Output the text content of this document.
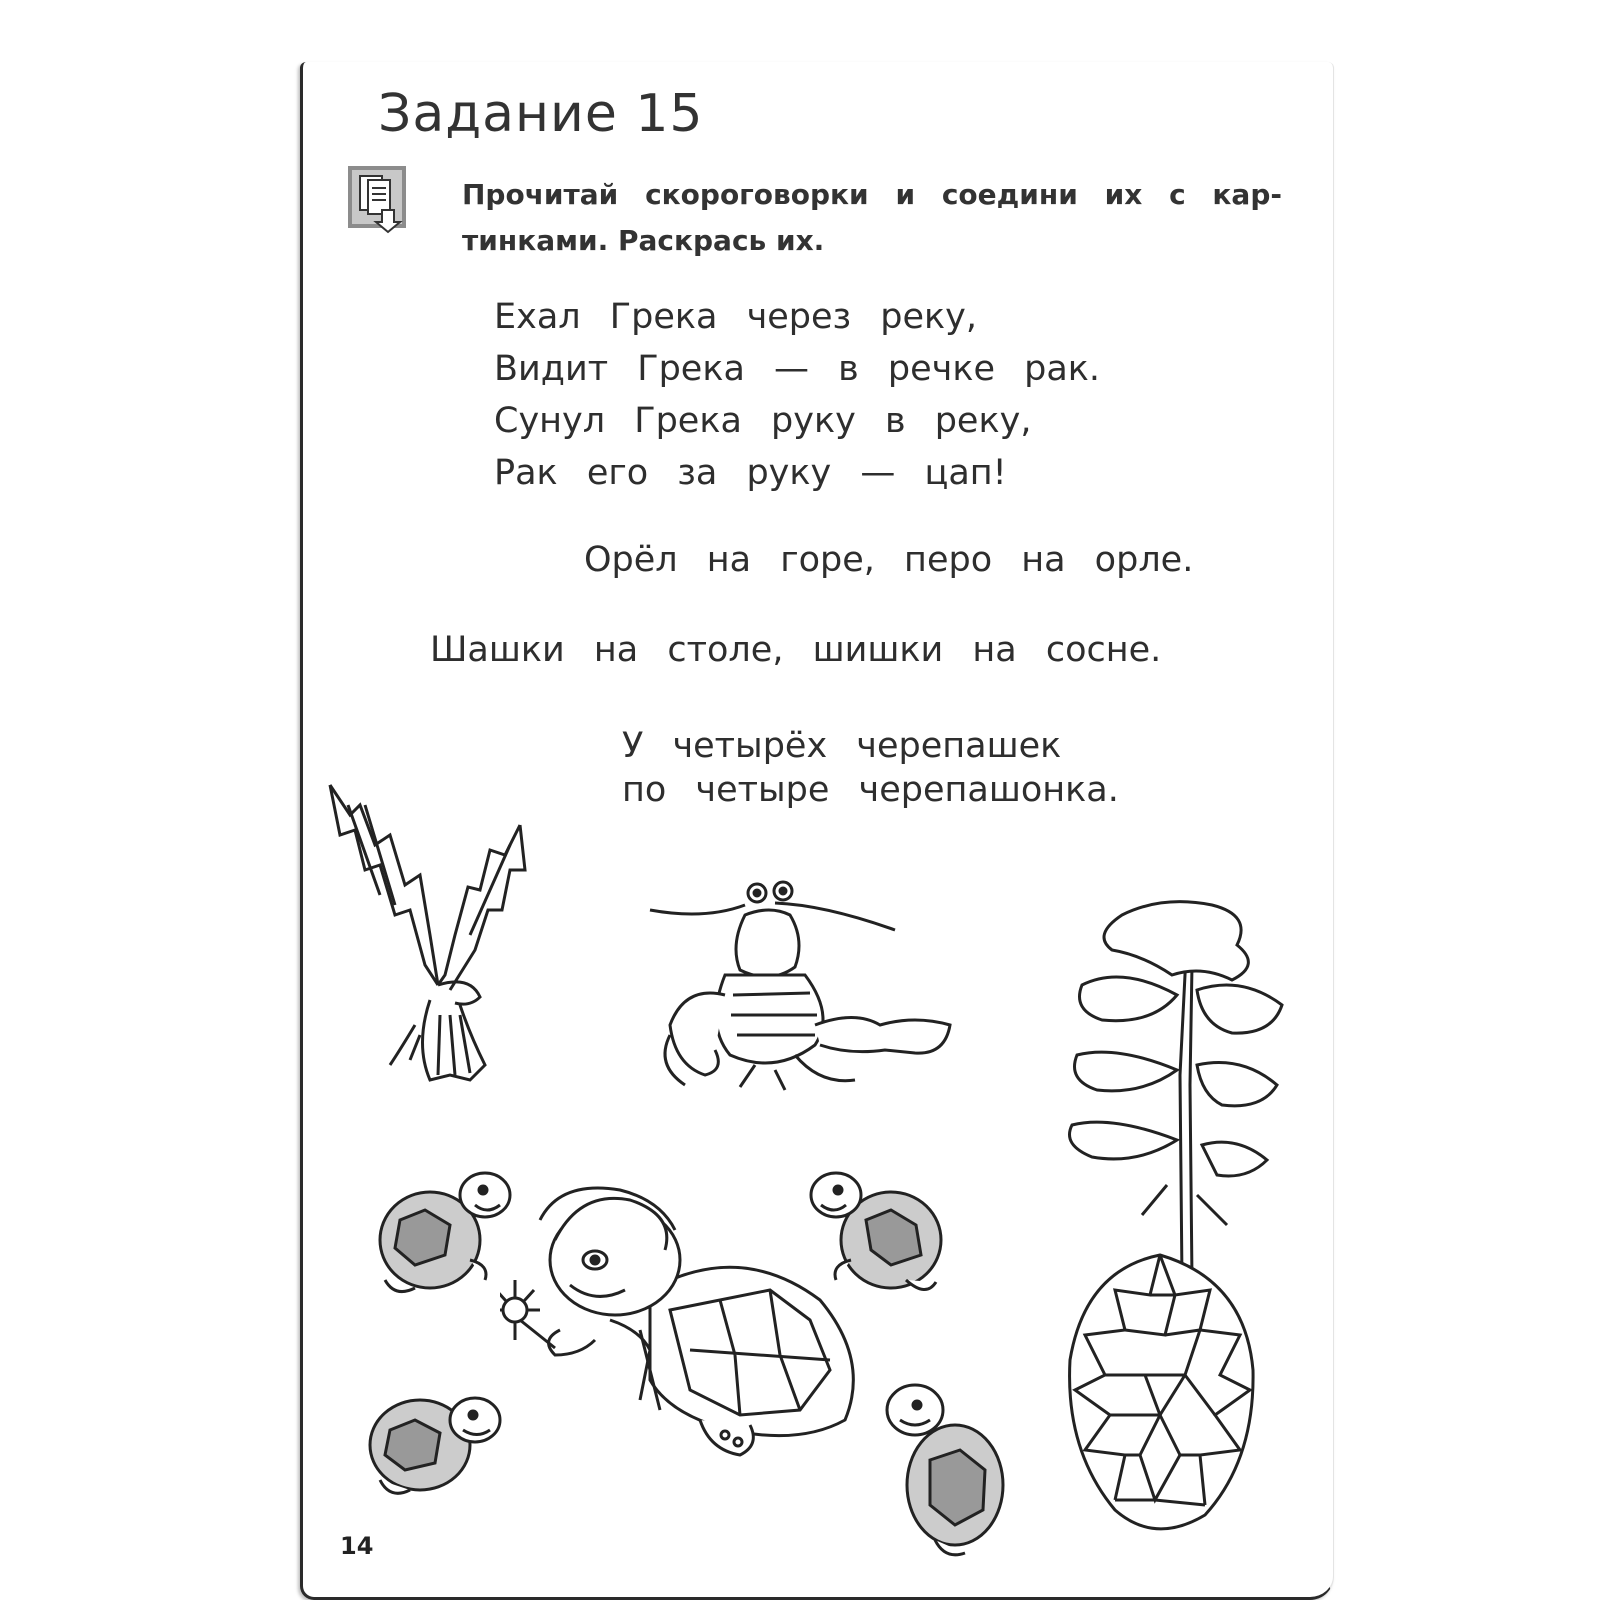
Задание 15
Прочитай скороговорки и соедини их с кар-
тинками. Раскрась их.
Ехал Грека через реку,
Видит Грека — в речке рак.
Сунул Грека руку в реку,
Рак его за руку — цап!
Орёл на горе, перо на орле.
Шашки на столе, шишки на сосне.
У четырёх черепашек
по четыре черепашонка.
14
